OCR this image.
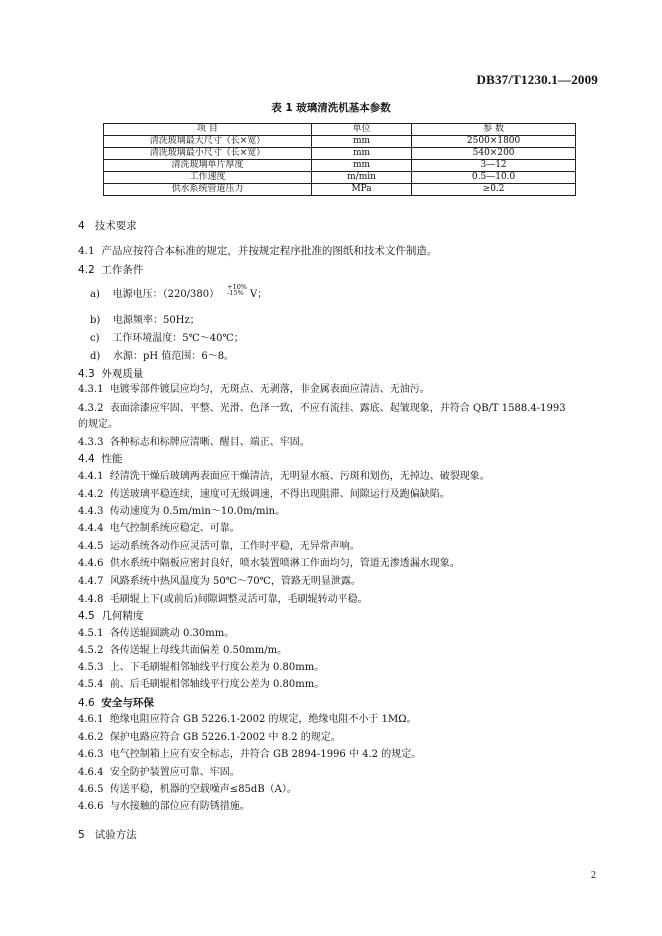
DB37/T1230.1—2009
表 1 玻璃清洗机基本参数
项 目	单位	参 数
清洗玻璃最大尺寸（长×宽）	mm	2500×1800
清洗玻璃最小尺寸（长×宽）	mm	540×200
清洗玻璃单片厚度	mm	3—12
工作速度	m/min	0.5—10.0
供水系统管道压力	MPa	≥0.2
4 技术要求
4.1 产品应按符合本标准的规定，并按规定程序批准的图纸和技术文件制造。
4.2 工作条件
a) 电源电压：（220/380）+10%
-15% V；
b) 电源频率：50Hz；
c) 工作环境温度：5℃～40℃；
d) 水源：pH 值范围：6～8。
4.3 外观质量
4.3.1 电镀零部件镀层应均匀，无斑点、无剥落，非金属表面应清洁、无油污。
4.3.2 表面涂漆应牢固、平整、光滑、色泽一致，不应有流挂、露底、起皱现象，并符合 QB/T 1588.4-1993
的规定。
4.3.3 各种标志和标牌应清晰、醒目、端正、牢固。
4.4 性能
4.4.1 经清洗干燥后玻璃两表面应干燥清洁，无明显水痕、污斑和划伤，无掉边、破裂现象。
4.4.2 传送玻璃平稳连续，速度可无级调速，不得出现阻滞、间隙运行及跑偏缺陷。
4.4.3 传动速度为 0.5m/min～10.0m/min。
4.4.4 电气控制系统应稳定、可靠。
4.4.5 运动系统各动作应灵活可靠，工作时平稳，无异常声响。
4.4.6 供水系统中隔板应密封良好，喷水装置喷淋工作面均匀，管道无渗透漏水现象。
4.4.7 风路系统中热风温度为 50℃～70℃，管路无明显泄露。
4.4.8 毛刷辊上下(或前后)间隙调整灵活可靠，毛刷辊转动平稳。
4.5 几何精度
4.5.1 各传送辊圆跳动 0.30mm。
4.5.2 各传送辊上母线共面偏差 0.50mm/m。
4.5.3 上、下毛刷辊相邻轴线平行度公差为 0.80mm。
4.5.4 前、后毛刷辊相邻轴线平行度公差为 0.80mm。
4.6 安全与环保
4.6.1 绝缘电阻应符合 GB 5226.1-2002 的规定，绝缘电阻不小于 1MΩ。
4.6.2 保护电路应符合 GB 5226.1-2002 中 8.2 的规定。
4.6.3 电气控制箱上应有安全标志，并符合 GB 2894-1996 中 4.2 的规定。
4.6.4 安全防护装置应可靠、牢固。
4.6.5 传送平稳，机器的空载噪声≤85dB（A）。
4.6.6 与水接触的部位应有防锈措施。
5 试验方法
2
